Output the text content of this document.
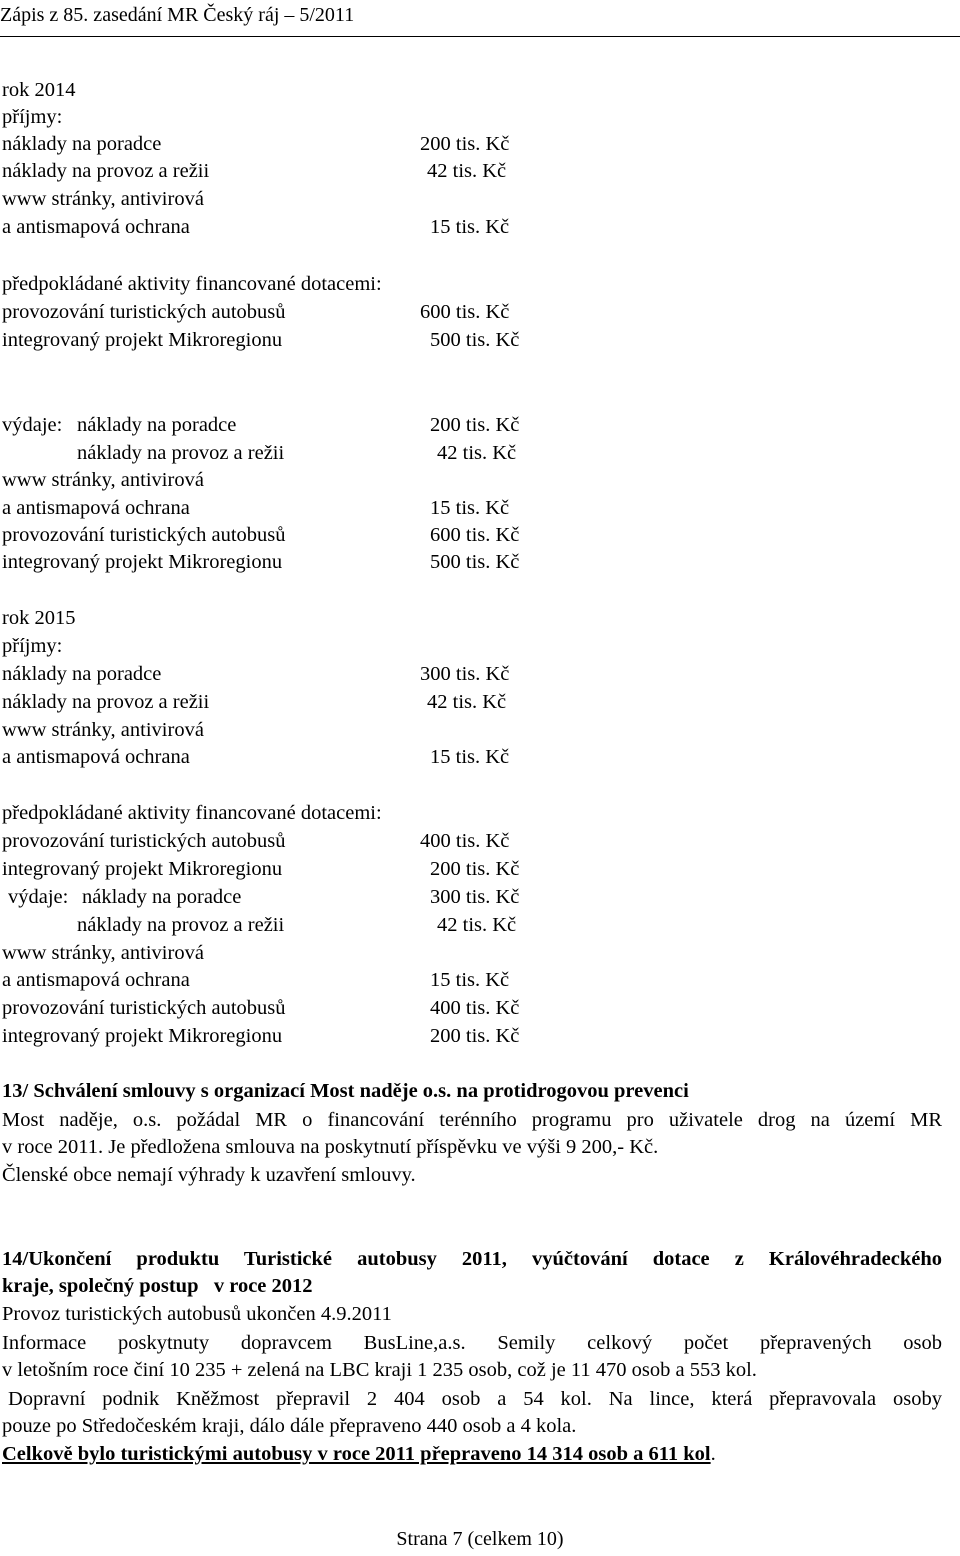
Zápis z 85. zasedání MR Český ráj – 5/2011
rok 2014
příjmy:
náklady na poradce	200 tis. Kč
náklady na provoz a režii	42 tis. Kč
www stránky, antivirová
a antismapová ochrana	15 tis. Kč
předpokládané aktivity financované dotacemi:
provozování turistických autobusů	600 tis. Kč
integrovaný projekt Mikroregionu	500 tis. Kč
výdaje: náklady na poradce	200 tis. Kč
náklady na provoz a režii	42 tis. Kč
www stránky, antivirová
a antismapová ochrana	15 tis. Kč
provozování turistických autobusů	600 tis. Kč
integrovaný projekt Mikroregionu	500 tis. Kč
rok 2015
příjmy:
náklady na poradce	300 tis. Kč
náklady na provoz a režii	42 tis. Kč
www stránky, antivirová
a antismapová ochrana	15 tis. Kč
předpokládané aktivity financované dotacemi:
provozování turistických autobusů	400 tis. Kč
integrovaný projekt Mikroregionu	200 tis. Kč
výdaje: náklady na poradce	300 tis. Kč
náklady na provoz a režii	42 tis. Kč
www stránky, antivirová
a antismapová ochrana	15 tis. Kč
provozování turistických autobusů	400 tis. Kč
integrovaný projekt Mikroregionu	200 tis. Kč
13/ Schválení smlouvy s organizací Most naděje o.s. na protidrogovou prevenci
Most naděje, o.s. požádal MR o financování terénního programu pro uživatele drog na území MR
v roce 2011. Je předložena smlouva na poskytnutí příspěvku ve výši 9 200,- Kč.
Členské obce nemají výhrady k uzavření smlouvy.
14/Ukončení produktu Turistické autobusy 2011, vyúčtování dotace z Královéhradeckého
kraje, společný postup   v roce 2012
Provoz turistických autobusů ukončen 4.9.2011
Informace poskytnuty dopravcem BusLine,a.s. Semily celkový počet přepravených osob
v letošním roce činí 10 235 + zelená na LBC kraji 1 235 osob, což je 11 470 osob a 553 kol.
Dopravní podnik Kněžmost přepravil 2 404 osob a 54 kol. Na lince, která přepravovala osoby
pouze po Středočeském kraji, dálo dále přepraveno 440 osob a 4 kola.
Celkově bylo turistickými autobusy v roce 2011 přepraveno 14 314 osob a 611 kol.
Strana 7 (celkem 10)
